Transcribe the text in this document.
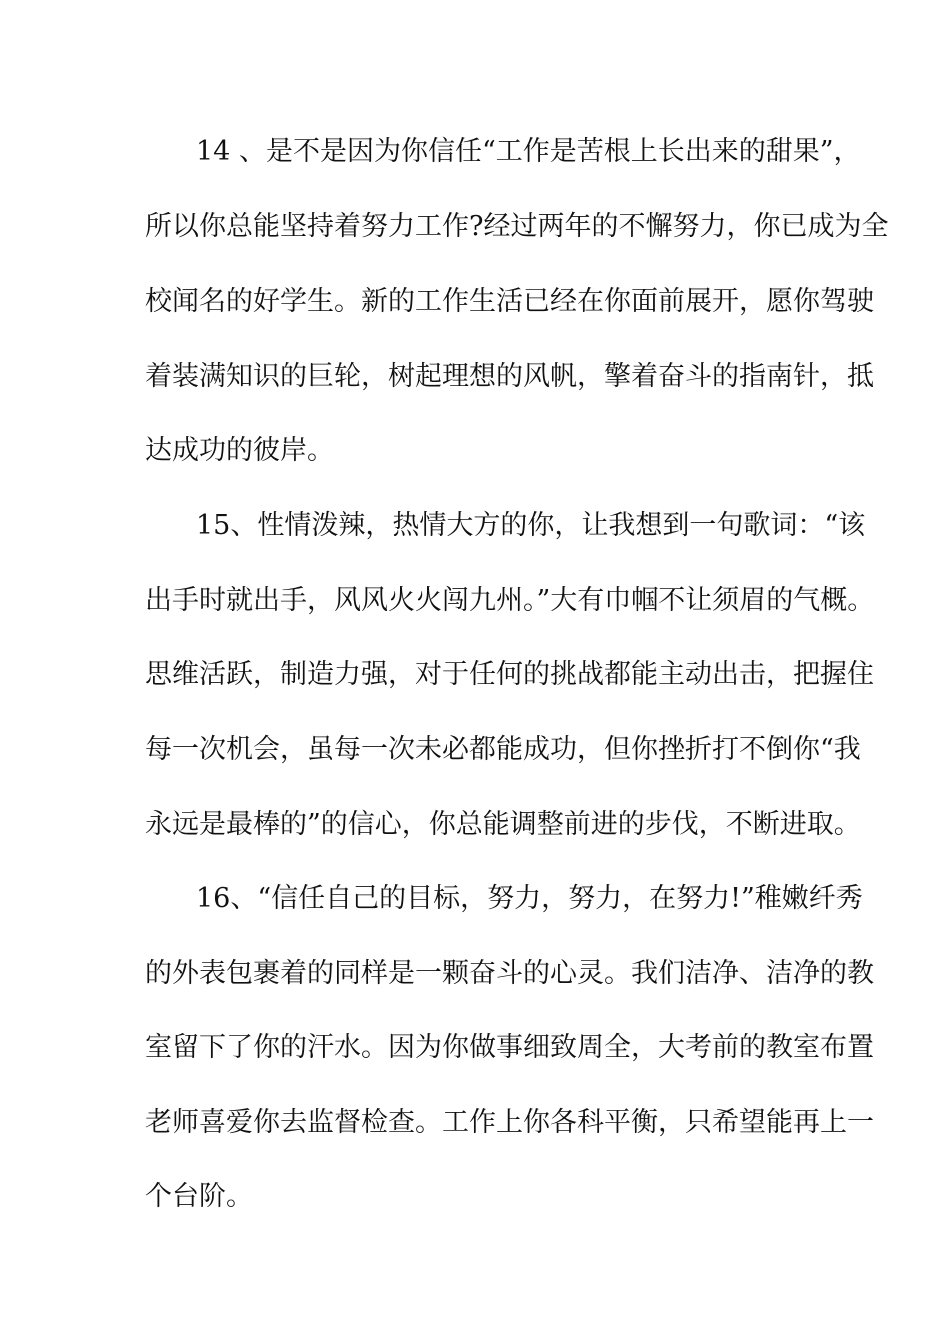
14 、是不是因为你信任“工作是苦根上长出来的甜果”，
所以你总能坚持着努力工作?经过两年的不懈努力，你已成为全
校闻名的好学生。新的工作生活已经在你面前展开，愿你驾驶
着装满知识的巨轮，树起理想的风帆，擎着奋斗的指南针，抵
达成功的彼岸。
15、性情泼辣，热情大方的你，让我想到一句歌词：“该
出手时就出手，风风火火闯九州。”大有巾帼不让须眉的气概。
思维活跃，制造力强，对于任何的挑战都能主动出击，把握住
每一次机会，虽每一次未必都能成功，但你挫折打不倒你“我
永远是最棒的”的信心，你总能调整前进的步伐，不断进取。
16、“信任自己的目标，努力，努力，在努力!”稚嫩纤秀
的外表包裹着的同样是一颗奋斗的心灵。我们洁净、洁净的教
室留下了你的汗水。因为你做事细致周全，大考前的教室布置
老师喜爱你去监督检查。工作上你各科平衡，只希望能再上一
个台阶。
